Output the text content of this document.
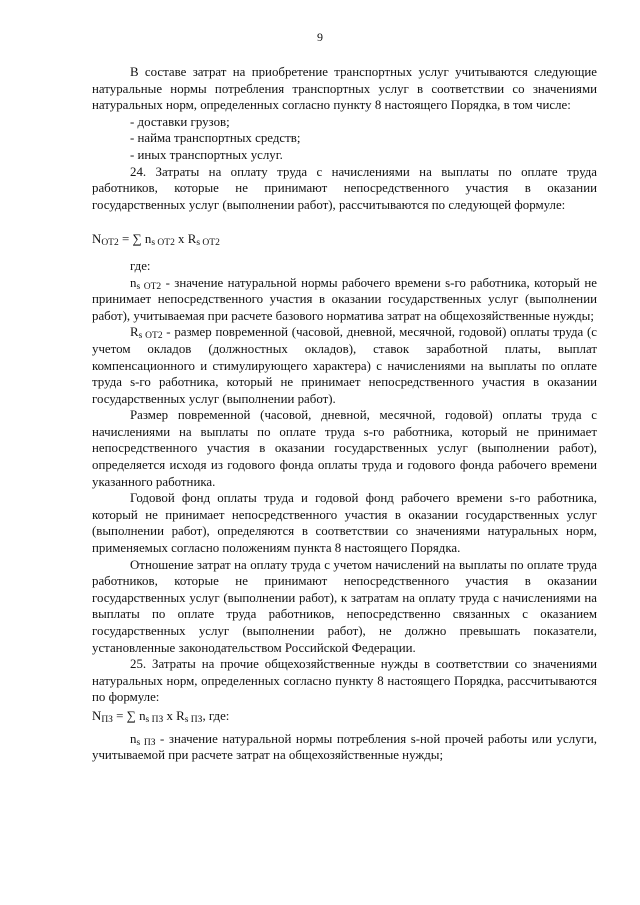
9

В составе затрат на приобретение транспортных услуг учитываются следующие натуральные нормы потребления транспортных услуг в соответствии со значениями натуральных норм, определенных согласно пункту 8 настоящего Порядка, в том числе:

- доставки грузов;

- найма транспортных средств;

- иных транспортных услуг.

24. Затраты на оплату труда с начислениями на выплаты по оплате труда работников, которые не принимают непосредственного участия в оказании государственных услуг (выполнении работ), рассчитываются по следующей формуле:

$N_{ОТ2}$ = ∑ $n_{s ОТ2}$ x $R_{s ОТ2}$

где:

$n_{s ОТ2}$ - значение натуральной нормы рабочего времени s-го работника, который не принимает непосредственного участия в оказании государственных услуг (выполнении работ), учитываемая при расчете базового норматива затрат на общехозяйственные нужды;

$R_{s ОТ2}$ - размер повременной (часовой, дневной, месячной, годовой) оплаты труда (с учетом окладов (должностных окладов), ставок заработной платы, выплат компенсационного и стимулирующего характера) с начислениями на выплаты по оплате труда s-го работника, который не принимает непосредственного участия в оказании государственных услуг (выполнении работ).

Размер повременной (часовой, дневной, месячной, годовой) оплаты труда с начислениями на выплаты по оплате труда s-го работника, который не принимает непосредственного участия в оказании государственных услуг (выполнении работ), определяется исходя из годового фонда оплаты труда и годового фонда рабочего времени указанного работника.

Годовой фонд оплаты труда и годовой фонд рабочего времени s-го работника, который не принимает непосредственного участия в оказании государственных услуг (выполнении работ), определяются в соответствии со значениями натуральных норм, применяемых согласно положениям пункта 8 настоящего Порядка.

Отношение затрат на оплату труда с учетом начислений на выплаты по оплате труда работников, которые не принимают непосредственного участия в оказании государственных услуг (выполнении работ), к затратам на оплату труда с начислениями на выплаты по оплате труда работников, непосредственно связанных с оказанием государственных услуг (выполнении работ), не должно превышать показатели, установленные законодательством Российской Федерации.

25. Затраты на прочие общехозяйственные нужды в соответствии со значениями натуральных норм, определенных согласно пункту 8 настоящего Порядка, рассчитываются по формуле:

$N_{ПЗ}$ = ∑ $n_{s ПЗ}$ x $R_{s ПЗ}$, где:

$n_{s ПЗ}$ - значение натуральной нормы потребления s-ной прочей работы или услуги, учитываемой при расчете затрат на общехозяйственные нужды;
